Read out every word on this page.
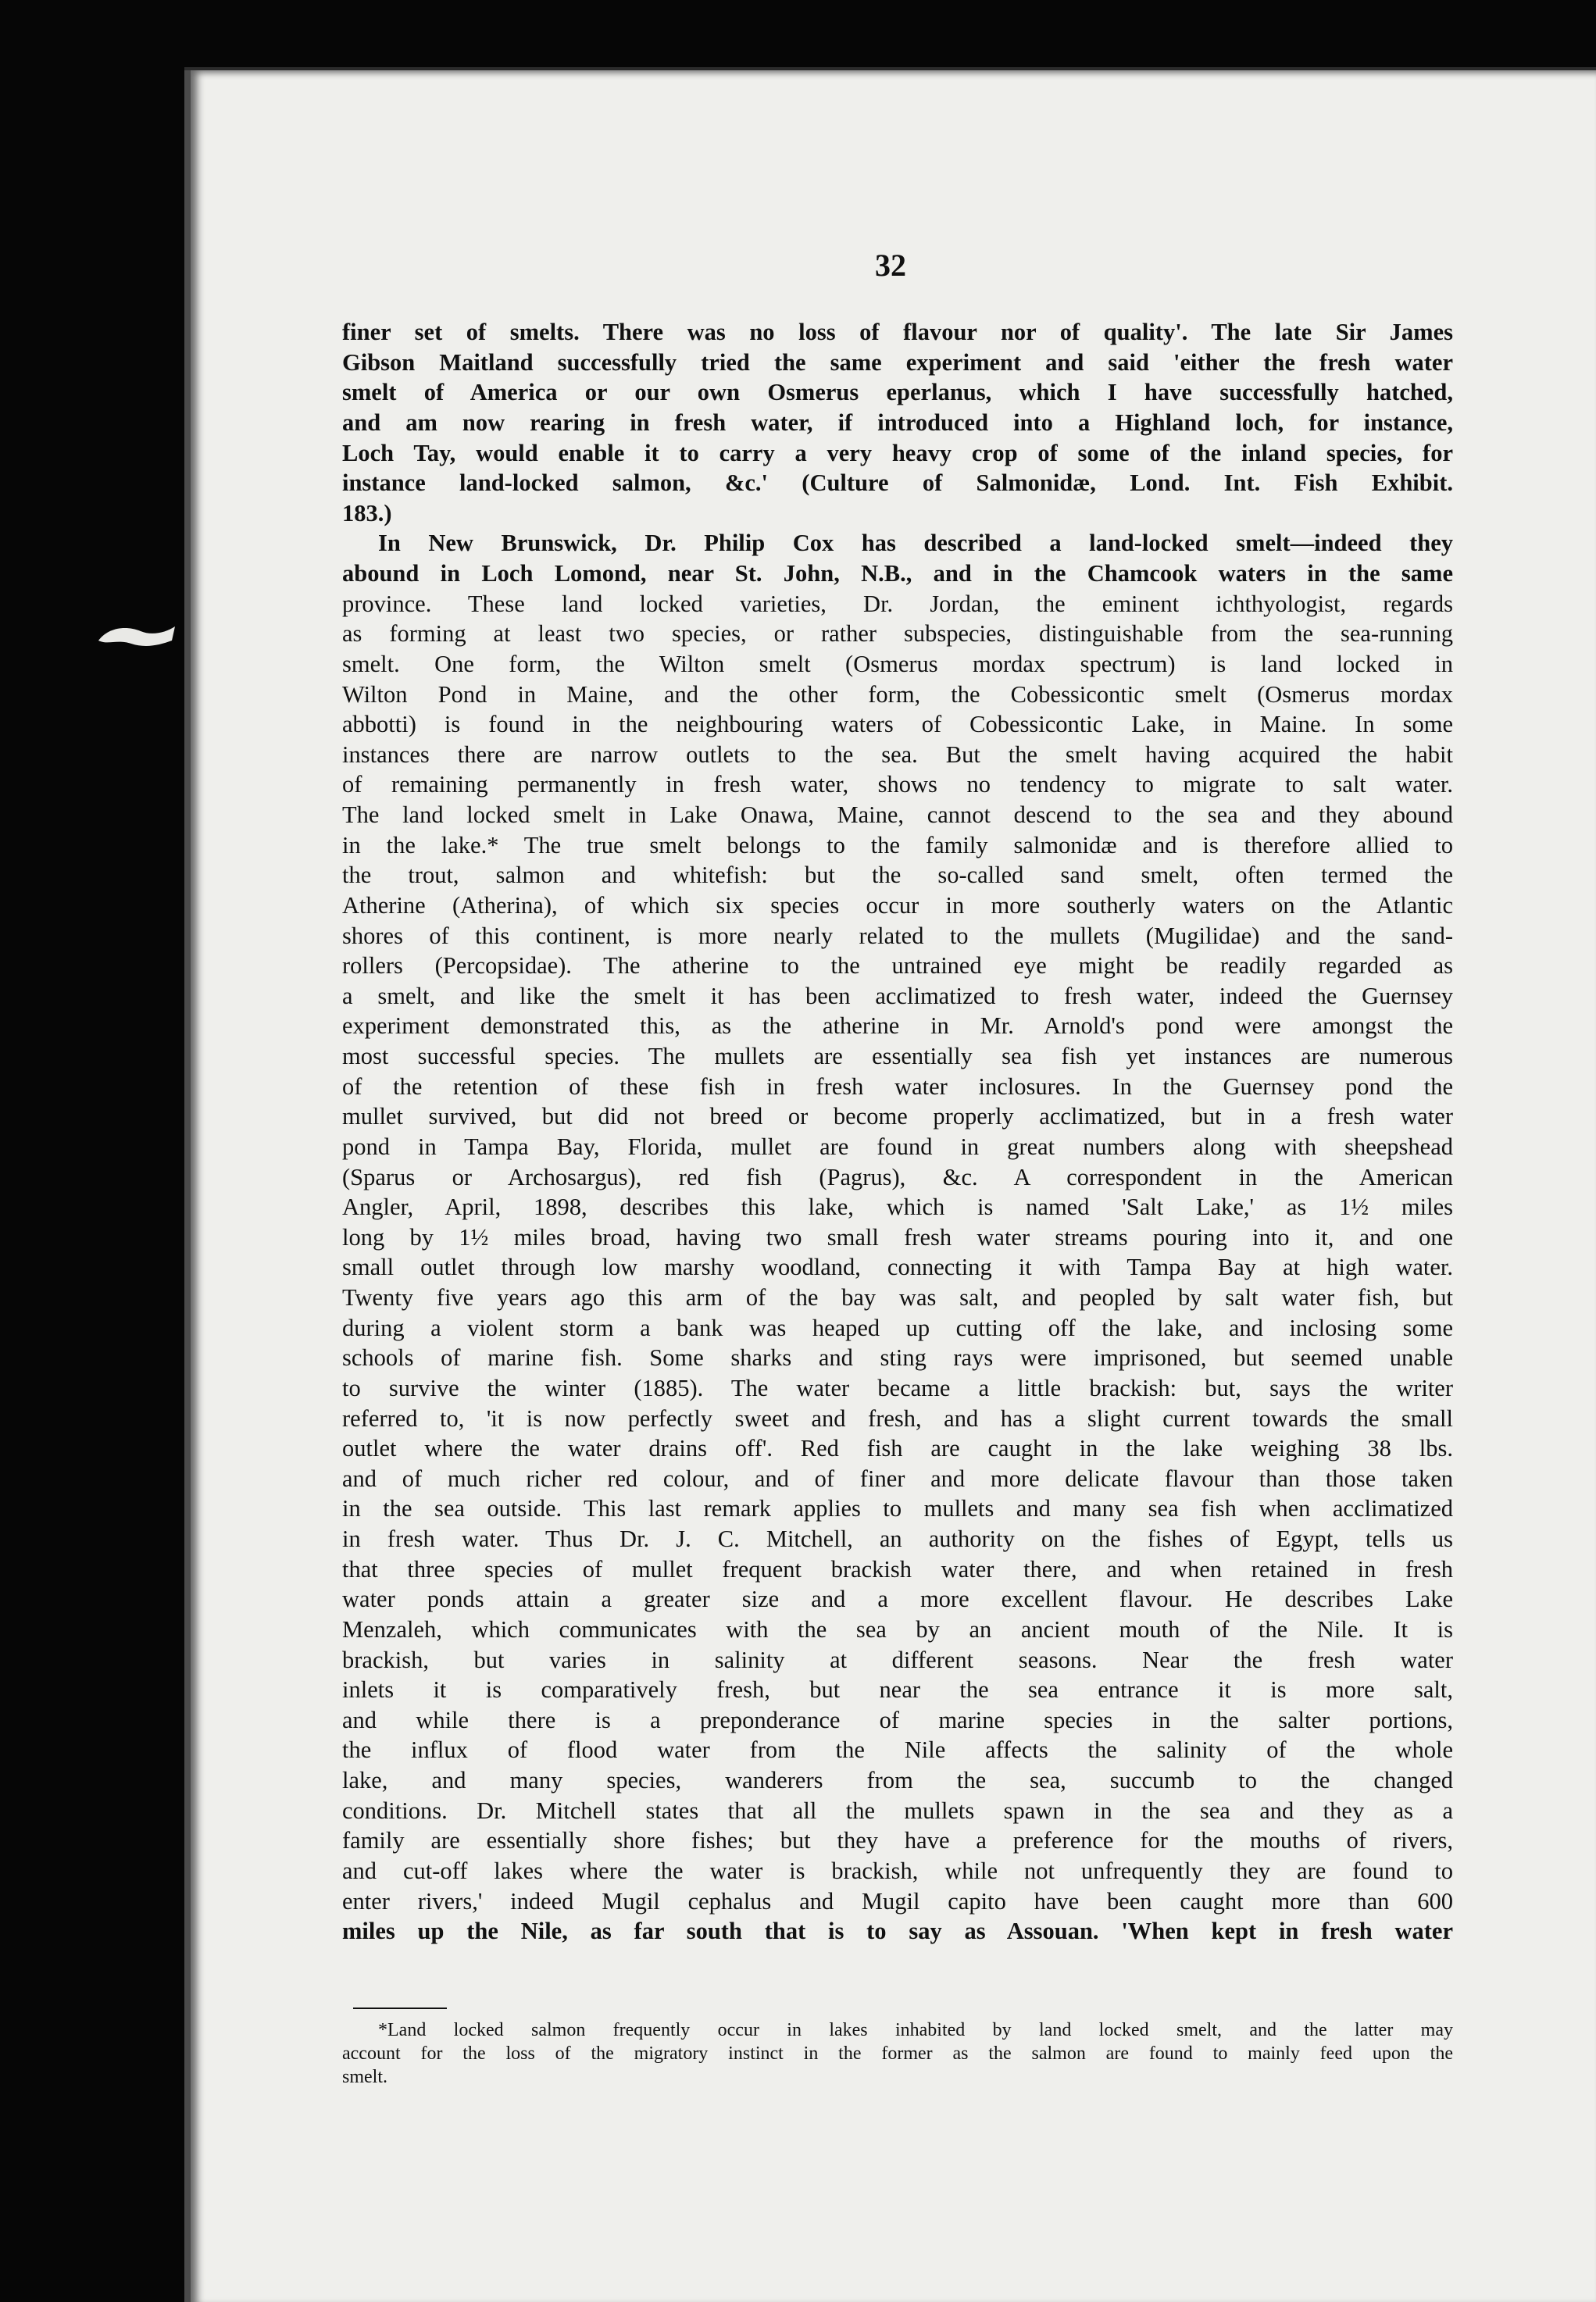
32
finer set of smelts. There was no loss of flavour nor of quality'. The late Sir James
Gibson Maitland successfully tried the same experiment and said 'either the fresh water
smelt of America or our own Osmerus eperlanus, which I have successfully hatched,
and am now rearing in fresh water, if introduced into a Highland loch, for instance,
Loch Tay, would enable it to carry a very heavy crop of some of the inland species, for
instance land-locked salmon, &c.' (Culture of Salmonidæ, Lond. Int. Fish Exhibit.
183.)
In New Brunswick, Dr. Philip Cox has described a land-locked smelt—indeed they
abound in Loch Lomond, near St. John, N.B., and in the Chamcook waters in the same
province. These land locked varieties, Dr. Jordan, the eminent ichthyologist, regards
as forming at least two species, or rather subspecies, distinguishable from the sea-running
smelt. One form, the Wilton smelt (Osmerus mordax spectrum) is land locked in
Wilton Pond in Maine, and the other form, the Cobessicontic smelt (Osmerus mordax
abbotti) is found in the neighbouring waters of Cobessicontic Lake, in Maine. In some
instances there are narrow outlets to the sea. But the smelt having acquired the habit
of remaining permanently in fresh water, shows no tendency to migrate to salt water.
The land locked smelt in Lake Onawa, Maine, cannot descend to the sea and they abound
in the lake.* The true smelt belongs to the family salmonidæ and is therefore allied to
the trout, salmon and whitefish: but the so-called sand smelt, often termed the
Atherine (Atherina), of which six species occur in more southerly waters on the Atlantic
shores of this continent, is more nearly related to the mullets (Mugilidae) and the sand-
rollers (Percopsidae). The atherine to the untrained eye might be readily regarded as
a smelt, and like the smelt it has been acclimatized to fresh water, indeed the Guernsey
experiment demonstrated this, as the atherine in Mr. Arnold's pond were amongst the
most successful species. The mullets are essentially sea fish yet instances are numerous
of the retention of these fish in fresh water inclosures. In the Guernsey pond the
mullet survived, but did not breed or become properly acclimatized, but in a fresh water
pond in Tampa Bay, Florida, mullet are found in great numbers along with sheepshead
(Sparus or Archosargus), red fish (Pagrus), &c. A correspondent in the American
Angler, April, 1898, describes this lake, which is named 'Salt Lake,' as 1½ miles
long by 1½ miles broad, having two small fresh water streams pouring into it, and one
small outlet through low marshy woodland, connecting it with Tampa Bay at high water.
Twenty five years ago this arm of the bay was salt, and peopled by salt water fish, but
during a violent storm a bank was heaped up cutting off the lake, and inclosing some
schools of marine fish. Some sharks and sting rays were imprisoned, but seemed unable
to survive the winter (1885). The water became a little brackish: but, says the writer
referred to, 'it is now perfectly sweet and fresh, and has a slight current towards the small
outlet where the water drains off'. Red fish are caught in the lake weighing 38 lbs.
and of much richer red colour, and of finer and more delicate flavour than those taken
in the sea outside. This last remark applies to mullets and many sea fish when acclimatized
in fresh water. Thus Dr. J. C. Mitchell, an authority on the fishes of Egypt, tells us
that three species of mullet frequent brackish water there, and when retained in fresh
water ponds attain a greater size and a more excellent flavour. He describes Lake
Menzaleh, which communicates with the sea by an ancient mouth of the Nile. It is
brackish, but varies in salinity at different seasons. Near the fresh water
inlets it is comparatively fresh, but near the sea entrance it is more salt,
and while there is a preponderance of marine species in the salter portions,
the influx of flood water from the Nile affects the salinity of the whole
lake, and many species, wanderers from the sea, succumb to the changed
conditions. Dr. Mitchell states that all the mullets spawn in the sea and they as a
family are essentially shore fishes; but they have a preference for the mouths of rivers,
and cut-off lakes where the water is brackish, while not unfrequently they are found to
enter rivers,' indeed Mugil cephalus and Mugil capito have been caught more than 600
miles up the Nile, as far south that is to say as Assouan. 'When kept in fresh water
*Land locked salmon frequently occur in lakes inhabited by land locked smelt, and the latter may
account for the loss of the migratory instinct in the former as the salmon are found to mainly feed upon the
smelt.
